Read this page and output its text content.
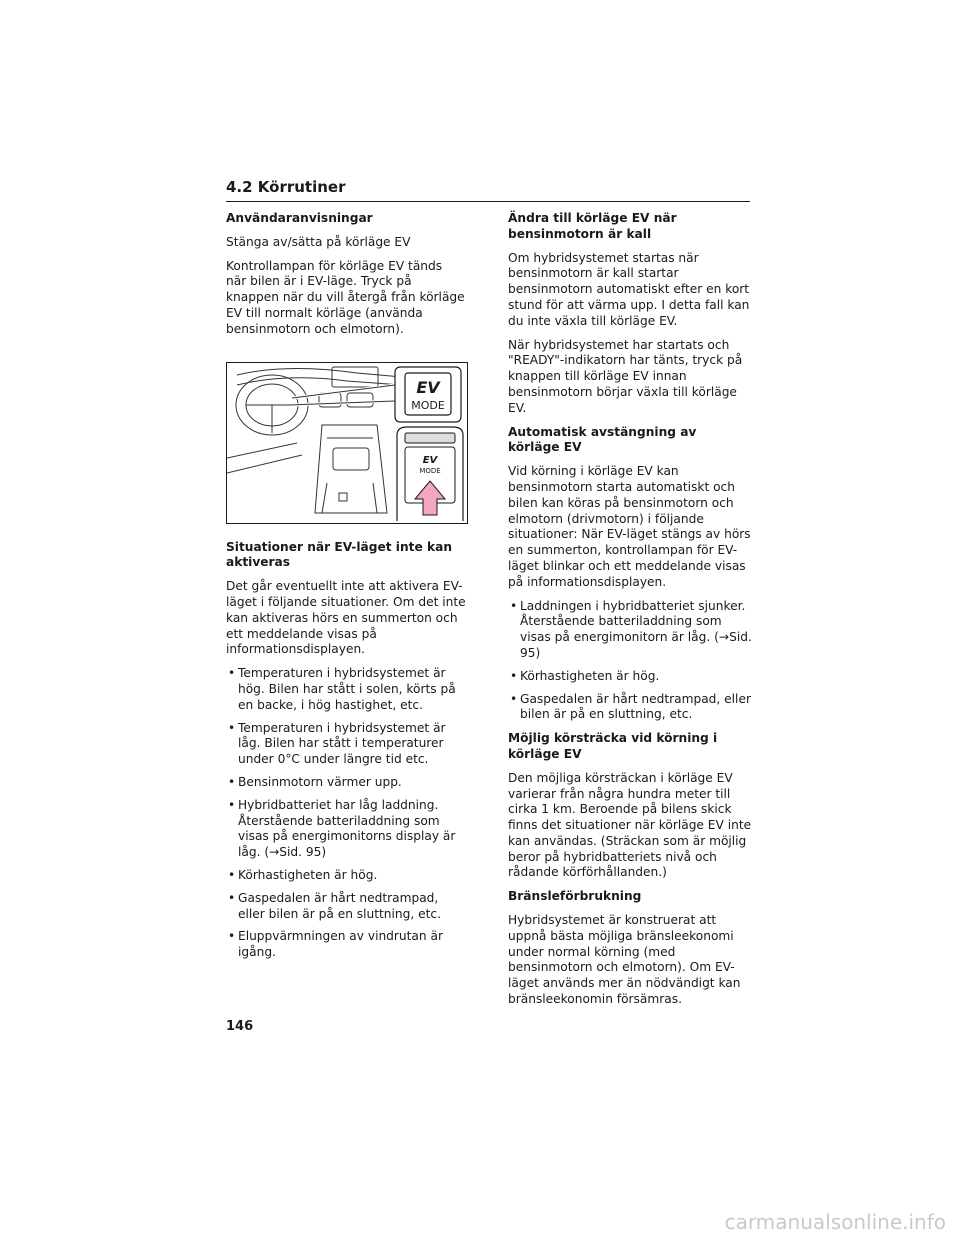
4.2 Körrutiner
Användaranvisningar

Stänga av/sätta på körläge EV

Kontrollampan för körläge EV tänds när bilen är i EV-läge. Tryck på knappen när du vill återgå från körläge EV till normalt körläge (använda bensinmotorn och elmotorn).

EV
MODE
EV
MODE
Situationer när EV-läget inte kan aktiveras

Det går eventuellt inte att aktivera EV-läget i följande situationer. Om det inte kan aktiveras hörs en summerton och ett meddelande visas på informationsdisplayen.

• Temperaturen i hybridsystemet är hög. Bilen har stått i solen, körts på en backe, i hög hastighet, etc.
• Temperaturen i hybridsystemet är låg. Bilen har stått i temperaturer under 0°C under längre tid etc.
• Bensinmotorn värmer upp.
• Hybridbatteriet har låg laddning. Återstående batteriladdning som visas på energimonitorns display är låg. (→Sid. 95)
• Körhastigheten är hög.
• Gaspedalen är hårt nedtrampad, eller bilen är på en sluttning, etc.
• Eluppvärmningen av vindrutan är igång.
Ändra till körläge EV när bensinmotorn är kall

Om hybridsystemet startas när bensinmotorn är kall startar bensinmotorn automatiskt efter en kort stund för att värma upp. I detta fall kan du inte växla till körläge EV.

När hybridsystemet har startats och "READY"-indikatorn har tänts, tryck på knappen till körläge EV innan bensinmotorn börjar växla till körläge EV.

Automatisk avstängning av körläge EV

Vid körning i körläge EV kan bensinmotorn starta automatiskt och bilen kan köras på bensinmotorn och elmotorn (drivmotorn) i följande situationer: När EV-läget stängs av hörs en summerton, kontrollampan för EV-läget blinkar och ett meddelande visas på informationsdisplayen.

• Laddningen i hybridbatteriet sjunker. Återstående batteriladdning som visas på energimonitorn är låg. (→Sid. 95)
• Körhastigheten är hög.
• Gaspedalen är hårt nedtrampad, eller bilen är på en sluttning, etc.
Möjlig körsträcka vid körning i körläge EV

Den möjliga körsträckan i körläge EV varierar från några hundra meter till cirka 1 km. Beroende på bilens skick finns det situationer när körläge EV inte kan användas. (Sträckan som är möjlig beror på hybridbatteriets nivå och rådande körförhållanden.)

Bränsleförbrukning

Hybridsystemet är konstruerat att uppnå bästa möjliga bränsleekonomi under normal körning (med bensinmotorn och elmotorn). Om EV-läget används mer än nödvändigt kan bränsleekonomin försämras.

146
carmanualsonline.info
